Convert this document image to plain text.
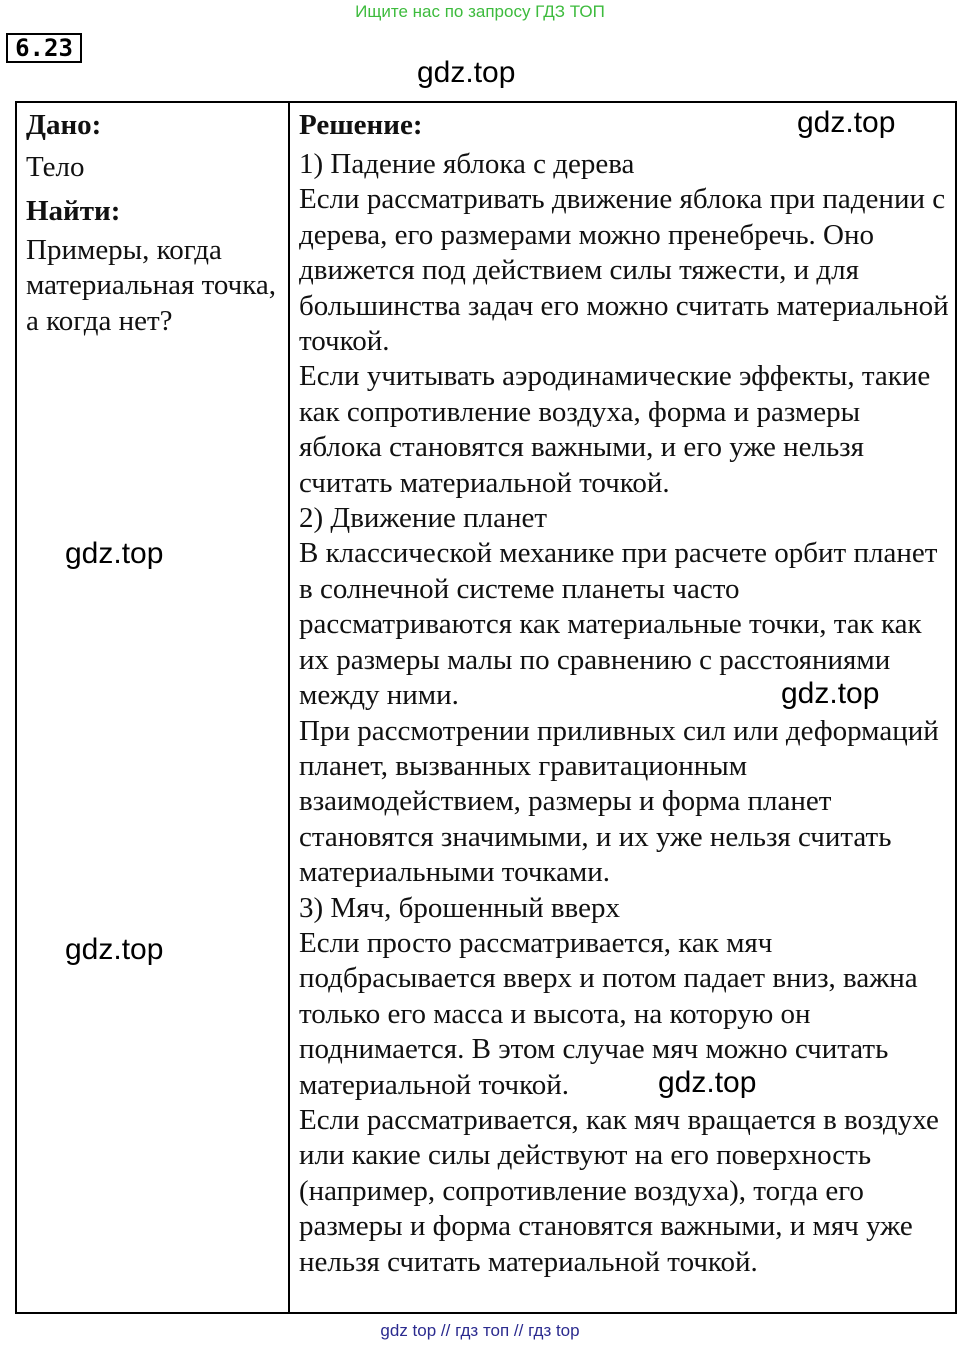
Ищите нас по запросу ГДЗ ТОП
6.23
gdz.top
Дано:
Тело
Найти:
Примеры, когда материальная точка, а когда нет?
Решение:
1) Падение яблока с дерева
Если рассматривать движение яблока при падении с дерева, его размерами можно пренебречь. Оно движется под действием силы тяжести, и для большинства задач его можно считать материальной точкой.
Если учитывать аэродинамические эффекты, такие как сопротивление воздуха, форма и размеры яблока становятся важными, и его уже нельзя считать материальной точкой.
2) Движение планет
В классической механике при расчете орбит планет в солнечной системе планеты часто рассматриваются как материальные точки, так как их размеры малы по сравнению с расстояниями между ними.
При рассмотрении приливных сил или деформаций планет, вызванных гравитационным взаимодействием, размеры и форма планет становятся значимыми, и их уже нельзя считать материальными точками.
3) Мяч, брошенный вверх
Если просто рассматривается, как мяч подбрасывается вверх и потом падает вниз, важна только его масса и высота, на которую он поднимается. В этом случае мяч можно считать материальной точкой.
Если рассматривается, как мяч вращается в воздухе или какие силы действуют на его поверхность (например, сопротивление воздуха), тогда его размеры и форма становятся важными, и мяч уже нельзя считать материальной точкой.
gdz.top
gdz.top
gdz.top
gdz.top
gdz.top
gdz top // гдз топ // гдз top
